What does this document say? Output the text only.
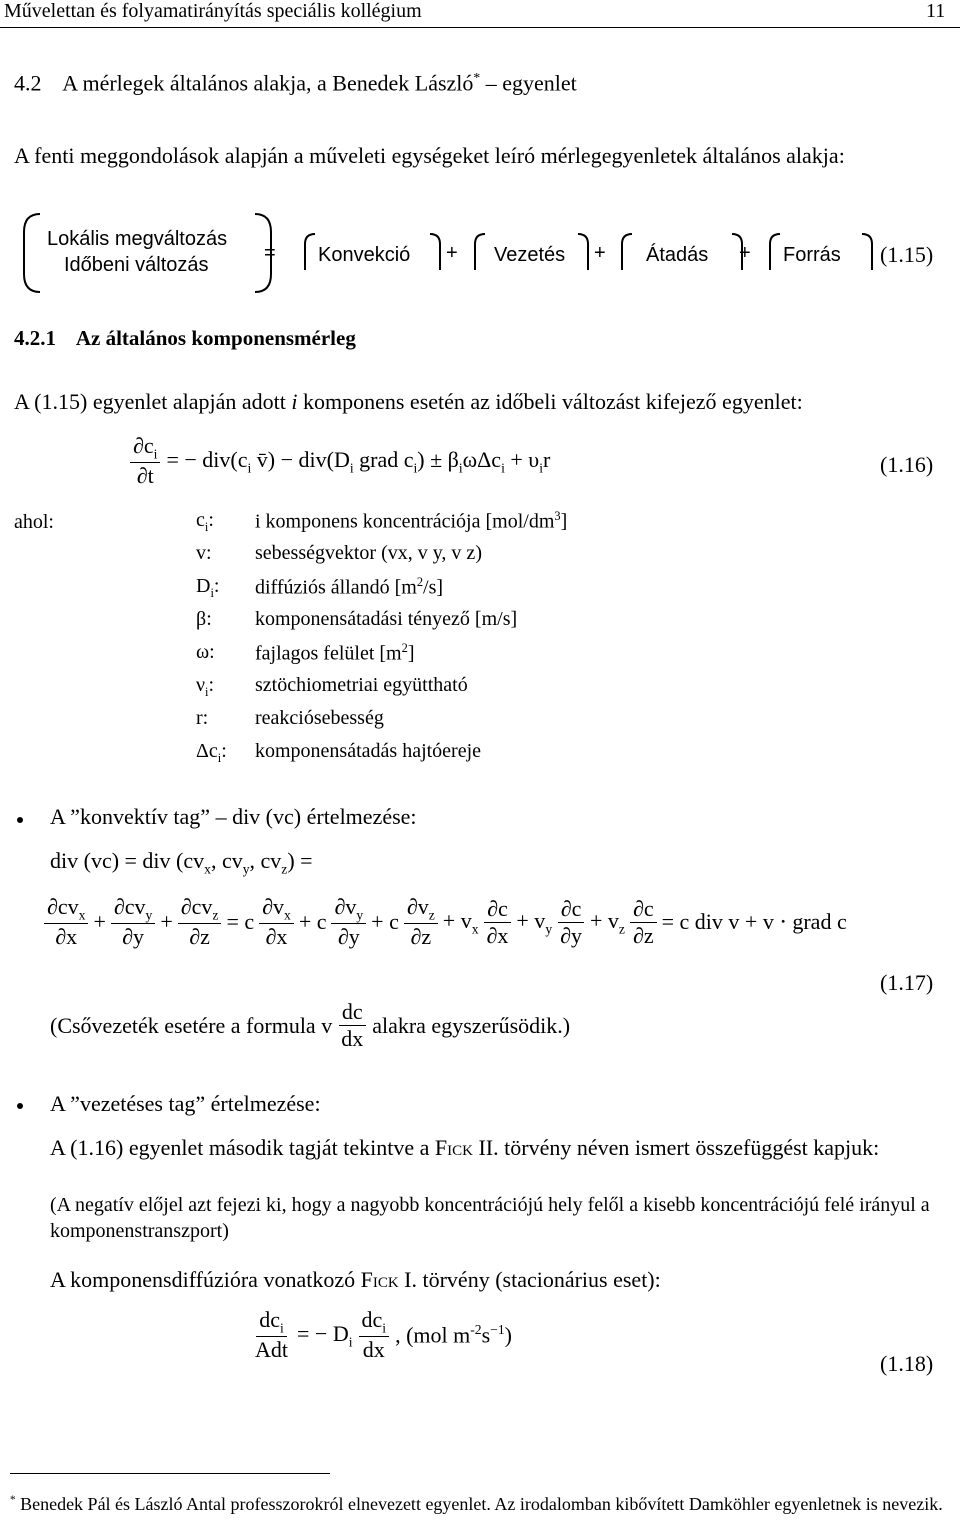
Művelettan és folyamatirányítás speciális kollégium	11
4.2 A mérlegek általános alakja, a Benedek László* – egyenlet
A fenti meggondolások alapján a műveleti egységeket leíró mérlegegyenletek általános alakja:
Lokális megváltozás
Időbeni változás
= Konvekció + Vezetés + Átadás + Forrás (1.15)
4.2.1 Az általános komponensmérleg
A (1.15) egyenlet alapján adott i komponens esetén az időbeli változást kifejező egyenlet:
$\frac{\partial c_i}{\partial t}$ = − $div(c_i$ v̄) − $div(D_i$ grad $c_i) \pm \beta_i\omega\Delta c_i + \upsilon_ir$	(1.16)
ahol:	$c_i$: i komponens koncentrációja $[mol/dm^3]$
v: sebességvektor (vx, v y, v z)
$D_i$: diffúziós állandó $[m^2/s]$
β: komponensátadási tényező [m/s]
ω: fajlagos felület $[m^2]$
$\nu_i$: sztöchiometriai együttható
r: reakciósebesség
$\Delta c_i$: komponensátadás hajtóereje
A ”konvektív tag” – div (vc) értelmezése:
div (vc) = div ($cv_x$, $cv_y$, $cv_z$) =
$\frac{\partial cv_x}{\partial x} + \frac{\partial cv_y}{\partial y} + \frac{\partial cv_z}{\partial z} = c \frac{\partial v_x}{\partial x} + c \frac{\partial v_y}{\partial y} + c \frac{\partial v_z}{\partial z} + v_x \frac{\partial c}{\partial x} + v_y \frac{\partial c}{\partial y} + v_z \frac{\partial c}{\partial z} = c$ div v + v ⋅ grad c
(1.17)
(Csővezeték esetére a formula v $\frac{dc}{dx}$ alakra egyszerűsödik.)
A ”vezetéses tag” értelmezése:
A (1.16) egyenlet második tagját tekintve a Fick II. törvény néven ismert összefüggést kapjuk:
(A negatív előjel azt fejezi ki, hogy a nagyobb koncentrációjú hely felől a kisebb koncentrációjú felé irányul a komponenstranszport)
A komponensdiffúzióra vonatkozó Fick I. törvény (stacionárius eset):
$\frac{dc_i}{\text{Adt}}$ = − $D_i \frac{dc_i}{dx}$ , (mol $m^{-2}s^{-1}$)
(1.18)
* Benedek Pál és László Antal professzorokról elnevezett egyenlet. Az irodalomban kibővített Damköhler egyenletnek is nevezik.
